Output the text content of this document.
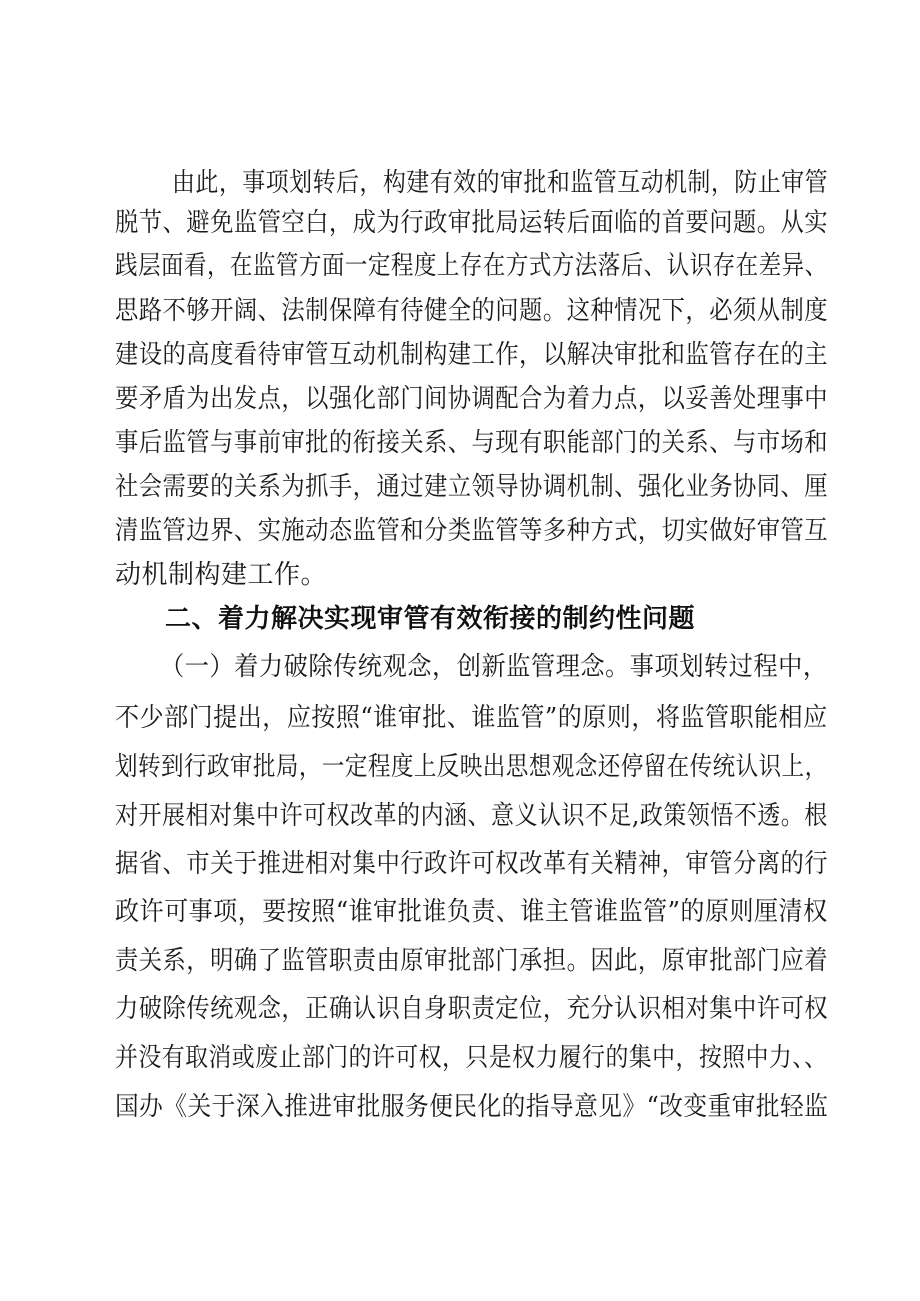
由此，事项划转后，构建有效的审批和监管互动机制，防止审管
脱节、避免监管空白，成为行政审批局运转后面临的首要问题。从实
践层面看，在监管方面一定程度上存在方式方法落后、认识存在差异、
思路不够开阔、法制保障有待健全的问题。这种情况下，必须从制度
建设的高度看待审管互动机制构建工作，以解决审批和监管存在的主
要矛盾为出发点，以强化部门间协调配合为着力点，以妥善处理事中
事后监管与事前审批的衔接关系、与现有职能部门的关系、与市场和
社会需要的关系为抓手，通过建立领导协调机制、强化业务协同、厘
清监管边界、实施动态监管和分类监管等多种方式，切实做好审管互
动机制构建工作。
二、着力解决实现审管有效衔接的制约性问题
（一）着力破除传统观念，创新监管理念。事项划转过程中，
不少部门提出，应按照“谁审批、谁监管”的原则，将监管职能相应
划转到行政审批局，一定程度上反映出思想观念还停留在传统认识上，
对开展相对集中许可权改革的内涵、意义认识不足,政策领悟不透。根
据省、市关于推进相对集中行政许可权改革有关精神，审管分离的行
政许可事项，要按照“谁审批谁负责、谁主管谁监管”的原则厘清权
责关系，明确了监管职责由原审批部门承担。因此，原审批部门应着
力破除传统观念，正确认识自身职责定位，充分认识相对集中许可权
并没有取消或废止部门的许可权，只是权力履行的集中，按照中力、、
国办《关于深入推进审批服务便民化的指导意见》“改变重审批轻监
